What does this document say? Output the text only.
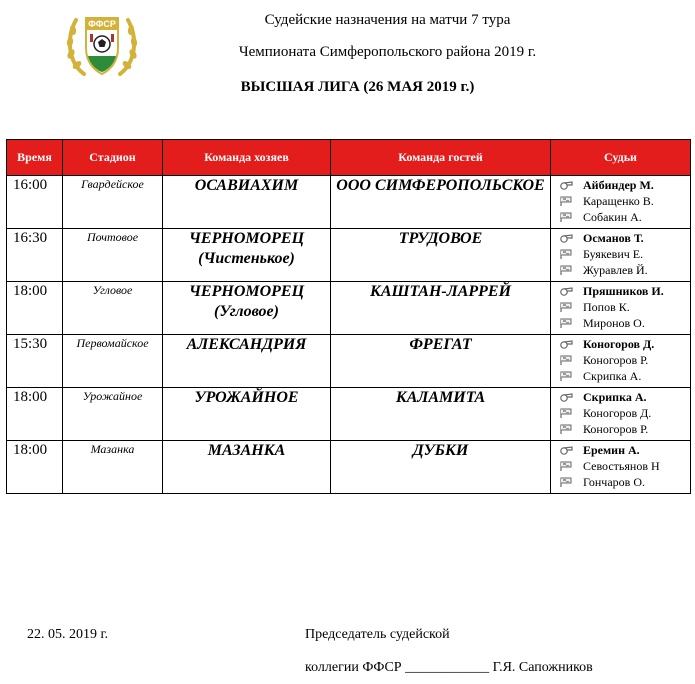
ФФСР	Судейские назначения на матчи 7 тура
Чемпионата Симферопольского района 2019 г.
ВЫСШАЯ ЛИГА (26 МАЯ 2019 г.)
Время	Стадион	Команда хозяев	Команда гостей	Судьи
16:00	Гвардейское	ОСАВИАХИМ	ООО СИМФЕРОПОЛЬСКОЕ	Айбиндер М.
Каращенко В.
Собакин А.

16:30	Почтовое	ЧЕРНОМОРЕЦ (Чистенькое)	ТРУДОВОЕ	Османов Т.
Буякевич Е.
Журавлев Й.

18:00	Угловое	ЧЕРНОМОРЕЦ (Угловое)	КАШТАН-ЛАРРЕЙ	Пряшников И.
Попов К.
Миронов О.

15:30	Первомайское	АЛЕКСАНДРИЯ	ФРЕГАТ	Коногоров Д.
Коногоров Р.
Скрипка А.

18:00	Урожайное	УРОЖАЙНОЕ	КАЛАМИТА	Скрипка А.
Коногоров Д.
Коногоров Р.

18:00	Мазанка	МАЗАНКА	ДУБКИ	Еремин А.
Севостьянов Н
Гончаров О.
22. 05. 2019 г.	Председатель судейской
коллегии ФФСР ____________ Г.Я. Сапожников
